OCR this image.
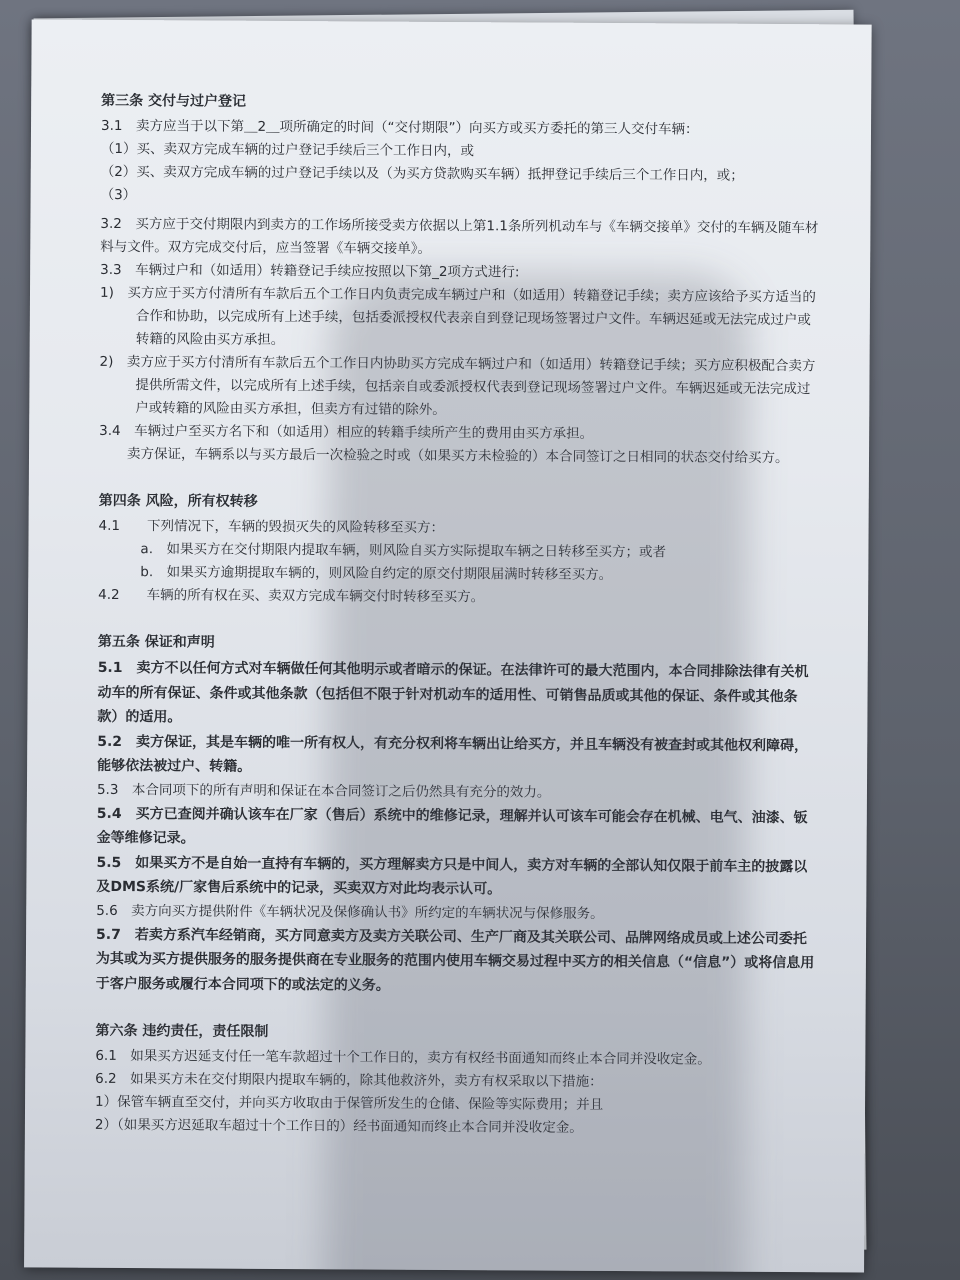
第三条 交付与过户登记

3.1　卖方应当于以下第＿2＿项所确定的时间（“交付期限”）向买方或买方委托的第三人交付车辆：

（1）买、卖双方完成车辆的过户登记手续后三个工作日内，或

（2）买、卖双方完成车辆的过户登记手续以及（为买方贷款购买车辆）抵押登记手续后三个工作日内，或；

（3）

3.2　买方应于交付期限内到卖方的工作场所接受卖方依据以上第1.1条所列机动车与《车辆交接单》交付的车辆及随车材料与文件。双方完成交付后，应当签署《车辆交接单》。

3.3　车辆过户和（如适用）转籍登记手续应按照以下第_2项方式进行:

1)　买方应于买方付清所有车款后五个工作日内负责完成车辆过户和（如适用）转籍登记手续；卖方应该给予买方适当的合作和协助，以完成所有上述手续，包括委派授权代表亲自到登记现场签署过户文件。车辆迟延或无法完成过户或转籍的风险由买方承担。

2)　卖方应于买方付清所有车款后五个工作日内协助买方完成车辆过户和（如适用）转籍登记手续；买方应积极配合卖方提供所需文件，以完成所有上述手续，包括亲自或委派授权代表到登记现场签署过户文件。车辆迟延或无法完成过户或转籍的风险由买方承担，但卖方有过错的除外。

3.4　车辆过户至买方名下和（如适用）相应的转籍手续所产生的费用由买方承担。

卖方保证，车辆系以与买方最后一次检验之时或（如果买方未检验的）本合同签订之日相同的状态交付给买方。

第四条 风险，所有权转移

4.1　　下列情况下，车辆的毁损灭失的风险转移至买方：

a.　如果买方在交付期限内提取车辆，则风险自买方实际提取车辆之日转移至买方；或者

b.　如果买方逾期提取车辆的，则风险自约定的原交付期限届满时转移至买方。

4.2　　车辆的所有权在买、卖双方完成车辆交付时转移至买方。

第五条 保证和声明

5.1　卖方不以任何方式对车辆做任何其他明示或者暗示的保证。在法律许可的最大范围内，本合同排除法律有关机动车的所有保证、条件或其他条款（包括但不限于针对机动车的适用性、可销售品质或其他的保证、条件或其他条款）的适用。

5.2　卖方保证，其是车辆的唯一所有权人，有充分权利将车辆出让给买方，并且车辆没有被查封或其他权利障碍，能够依法被过户、转籍。

5.3　本合同项下的所有声明和保证在本合同签订之后仍然具有充分的效力。

5.4　买方已查阅并确认该车在厂家（售后）系统中的维修记录，理解并认可该车可能会存在机械、电气、油漆、钣金等维修记录。

5.5　如果买方不是自始一直持有车辆的，买方理解卖方只是中间人，卖方对车辆的全部认知仅限于前车主的披露以及DMS系统/厂家售后系统中的记录，买卖双方对此均表示认可。

5.6　卖方向买方提供附件《车辆状况及保修确认书》所约定的车辆状况与保修服务。

5.7　若卖方系汽车经销商，买方同意卖方及卖方关联公司、生产厂商及其关联公司、品牌网络成员或上述公司委托为其或为买方提供服务的服务提供商在专业服务的范围内使用车辆交易过程中买方的相关信息（“信息”）或将信息用于客户服务或履行本合同项下的或法定的义务。

第六条 违约责任，责任限制

6.1　如果买方迟延支付任一笔车款超过十个工作日的，卖方有权经书面通知而终止本合同并没收定金。

6.2　如果买方未在交付期限内提取车辆的，除其他救济外，卖方有权采取以下措施：

1）保管车辆直至交付，并向买方收取由于保管所发生的仓储、保险等实际费用；并且

2）（如果买方迟延取车超过十个工作日的）经书面通知而终止本合同并没收定金。
